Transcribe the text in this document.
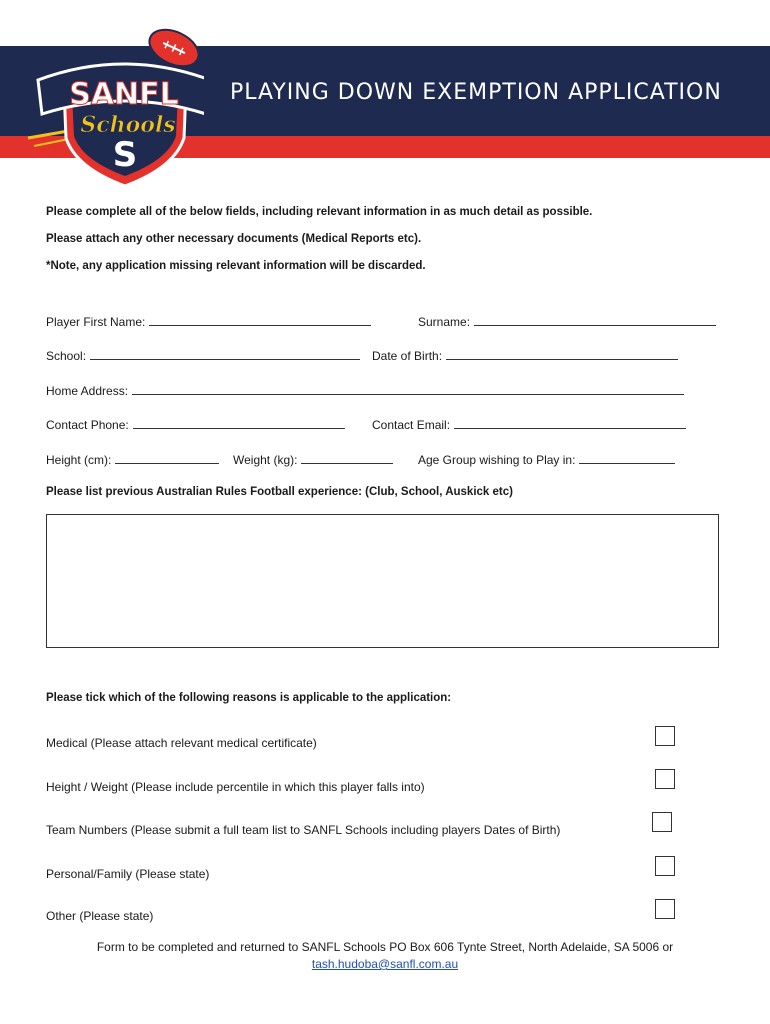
S
SANFL
Schools
PLAYING DOWN EXEMPTION APPLICATION
Please complete all of the below fields, including relevant information in as much detail as possible.
Please attach any other necessary documents (Medical Reports etc).
*Note, any application missing relevant information will be discarded.
Player First Name:	Surname:
School:	Date of Birth:
Home Address:
Contact Phone:	Contact Email:
Height (cm):	Weight (kg):	Age Group wishing to Play in:
Please list previous Australian Rules Football experience: (Club, School, Auskick etc)
Please tick which of the following reasons is applicable to the application:
Medical (Please attach relevant medical certificate)
Height / Weight (Please include percentile in which this player falls into)
Team Numbers (Please submit a full team list to SANFL Schools including players Dates of Birth)
Personal/Family (Please state)
Other (Please state)
Form to be completed and returned to SANFL Schools PO Box 606 Tynte Street, North Adelaide, SA 5006 or
tash.hudoba@sanfl.com.au
